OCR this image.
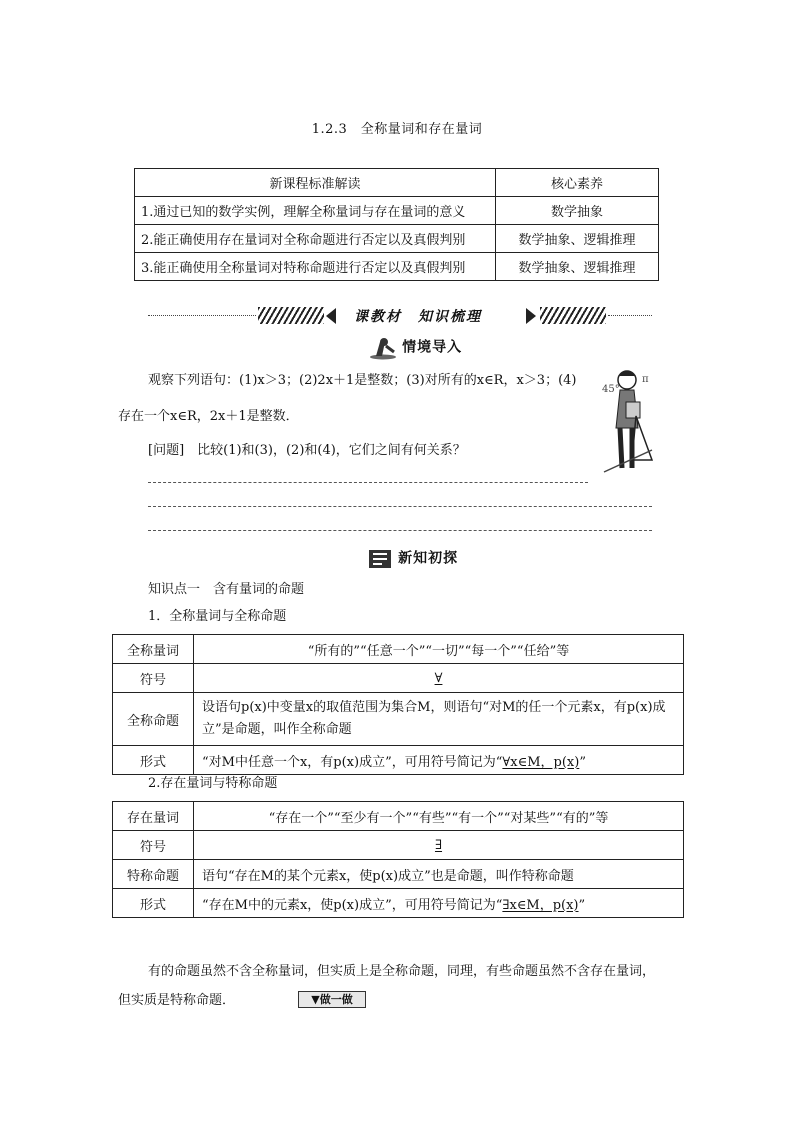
1.2.3　全称量词和存在量词
新课程标准解读	核心素养
1.通过已知的数学实例，理解全称量词与存在量词的意义	数学抽象
2.能正确使用存在量词对全称命题进行否定以及真假判别	数学抽象、逻辑推理
3.能正确使用全称量词对特称命题进行否定以及真假判别	数学抽象、逻辑推理
课教材　知识梳理
情境导入
观察下列语句：(1)x＞3；(2)2x＋1是整数；(3)对所有的x∈R，x＞3；(4)
存在一个x∈R，2x＋1是整数．
[问题]　比较(1)和(3)，(2)和(4)，它们之间有何关系？
45°
π
新知初探
知识点一　含有量词的命题
1．全称量词与全称命题
全称量词	“所有的”“任意一个”“一切”“每一个”“任给”等
符号	∀
全称命题	设语句p(x)中变量x的取值范围为集合M，则语句“对M的任一个元素x，有p(x)成立”是命题，叫作全称命题
形式	“对M中任意一个x，有p(x)成立”，可用符号简记为“∀x∈M，p(x)”
2.存在量词与特称命题
存在量词	“存在一个”“至少有一个”“有些”“有一个”“对某些”“有的”等
符号	∃
特称命题	语句“存在M的某个元素x，使p(x)成立”也是命题，叫作特称命题
形式	“存在M中的元素x，使p(x)成立”，可用符号简记为“∃x∈M，p(x)”
有的命题虽然不含全称量词，但实质上是全称命题，同理，有些命题虽然不含存在量词，
但实质是特称命题．	▼做一做
